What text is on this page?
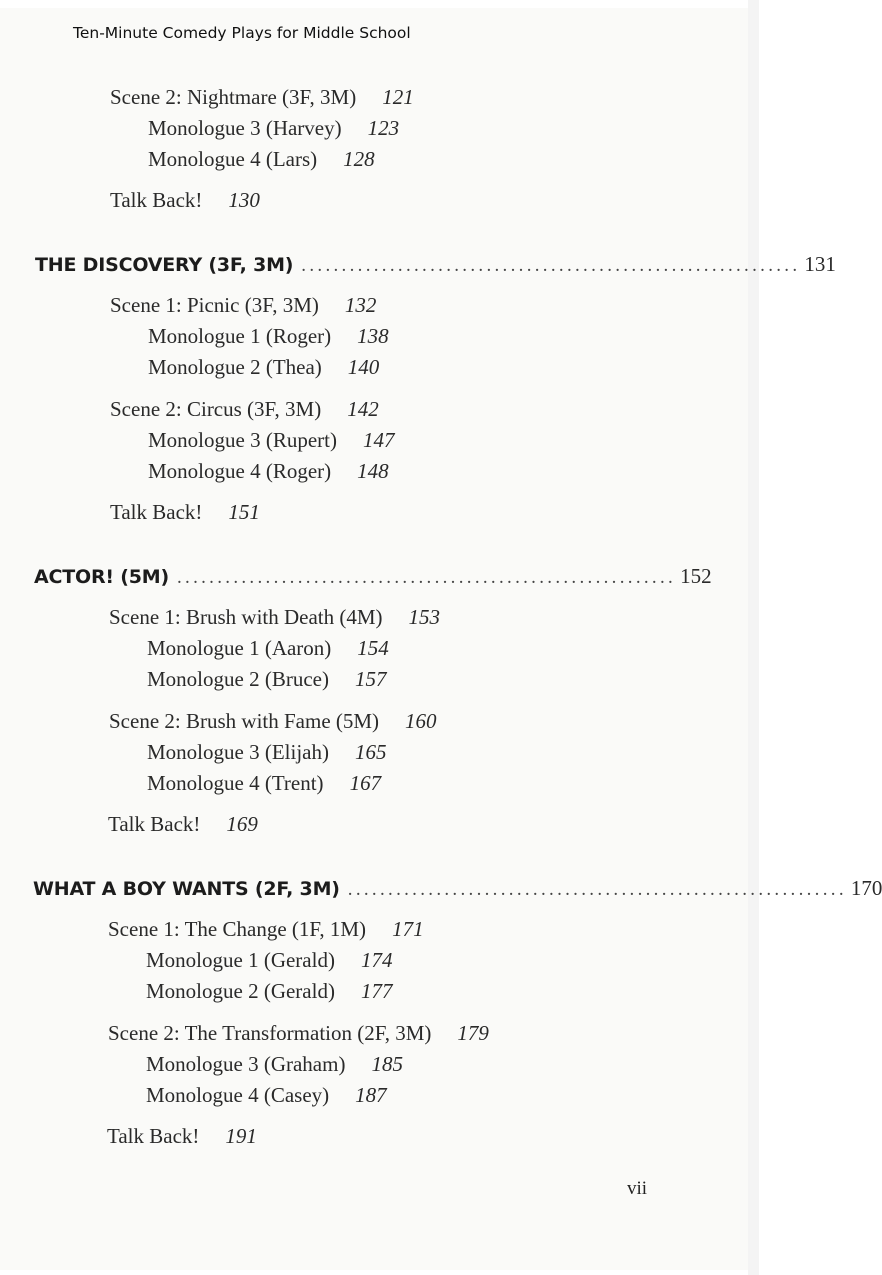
Ten-Minute Comedy Plays for Middle School
Scene 2: Nightmare (3F, 3M) 121
Monologue 3 (Harvey) 123
Monologue 4 (Lars) 128
Talk Back! 130
THE DISCOVERY (3F, 3M) .............................................................. 131
Scene 1: Picnic (3F, 3M) 132
Monologue 1 (Roger) 138
Monologue 2 (Thea) 140
Scene 2: Circus (3F, 3M) 142
Monologue 3 (Rupert) 147
Monologue 4 (Roger) 148
Talk Back! 151
ACTOR! (5M) .............................................................. 152
Scene 1: Brush with Death (4M) 153
Monologue 1 (Aaron) 154
Monologue 2 (Bruce) 157
Scene 2: Brush with Fame (5M) 160
Monologue 3 (Elijah) 165
Monologue 4 (Trent) 167
Talk Back! 169
WHAT A BOY WANTS (2F, 3M) .............................................................. 170
Scene 1: The Change (1F, 1M) 171
Monologue 1 (Gerald) 174
Monologue 2 (Gerald) 177
Scene 2: The Transformation (2F, 3M) 179
Monologue 3 (Graham) 185
Monologue 4 (Casey) 187
Talk Back! 191
vii
